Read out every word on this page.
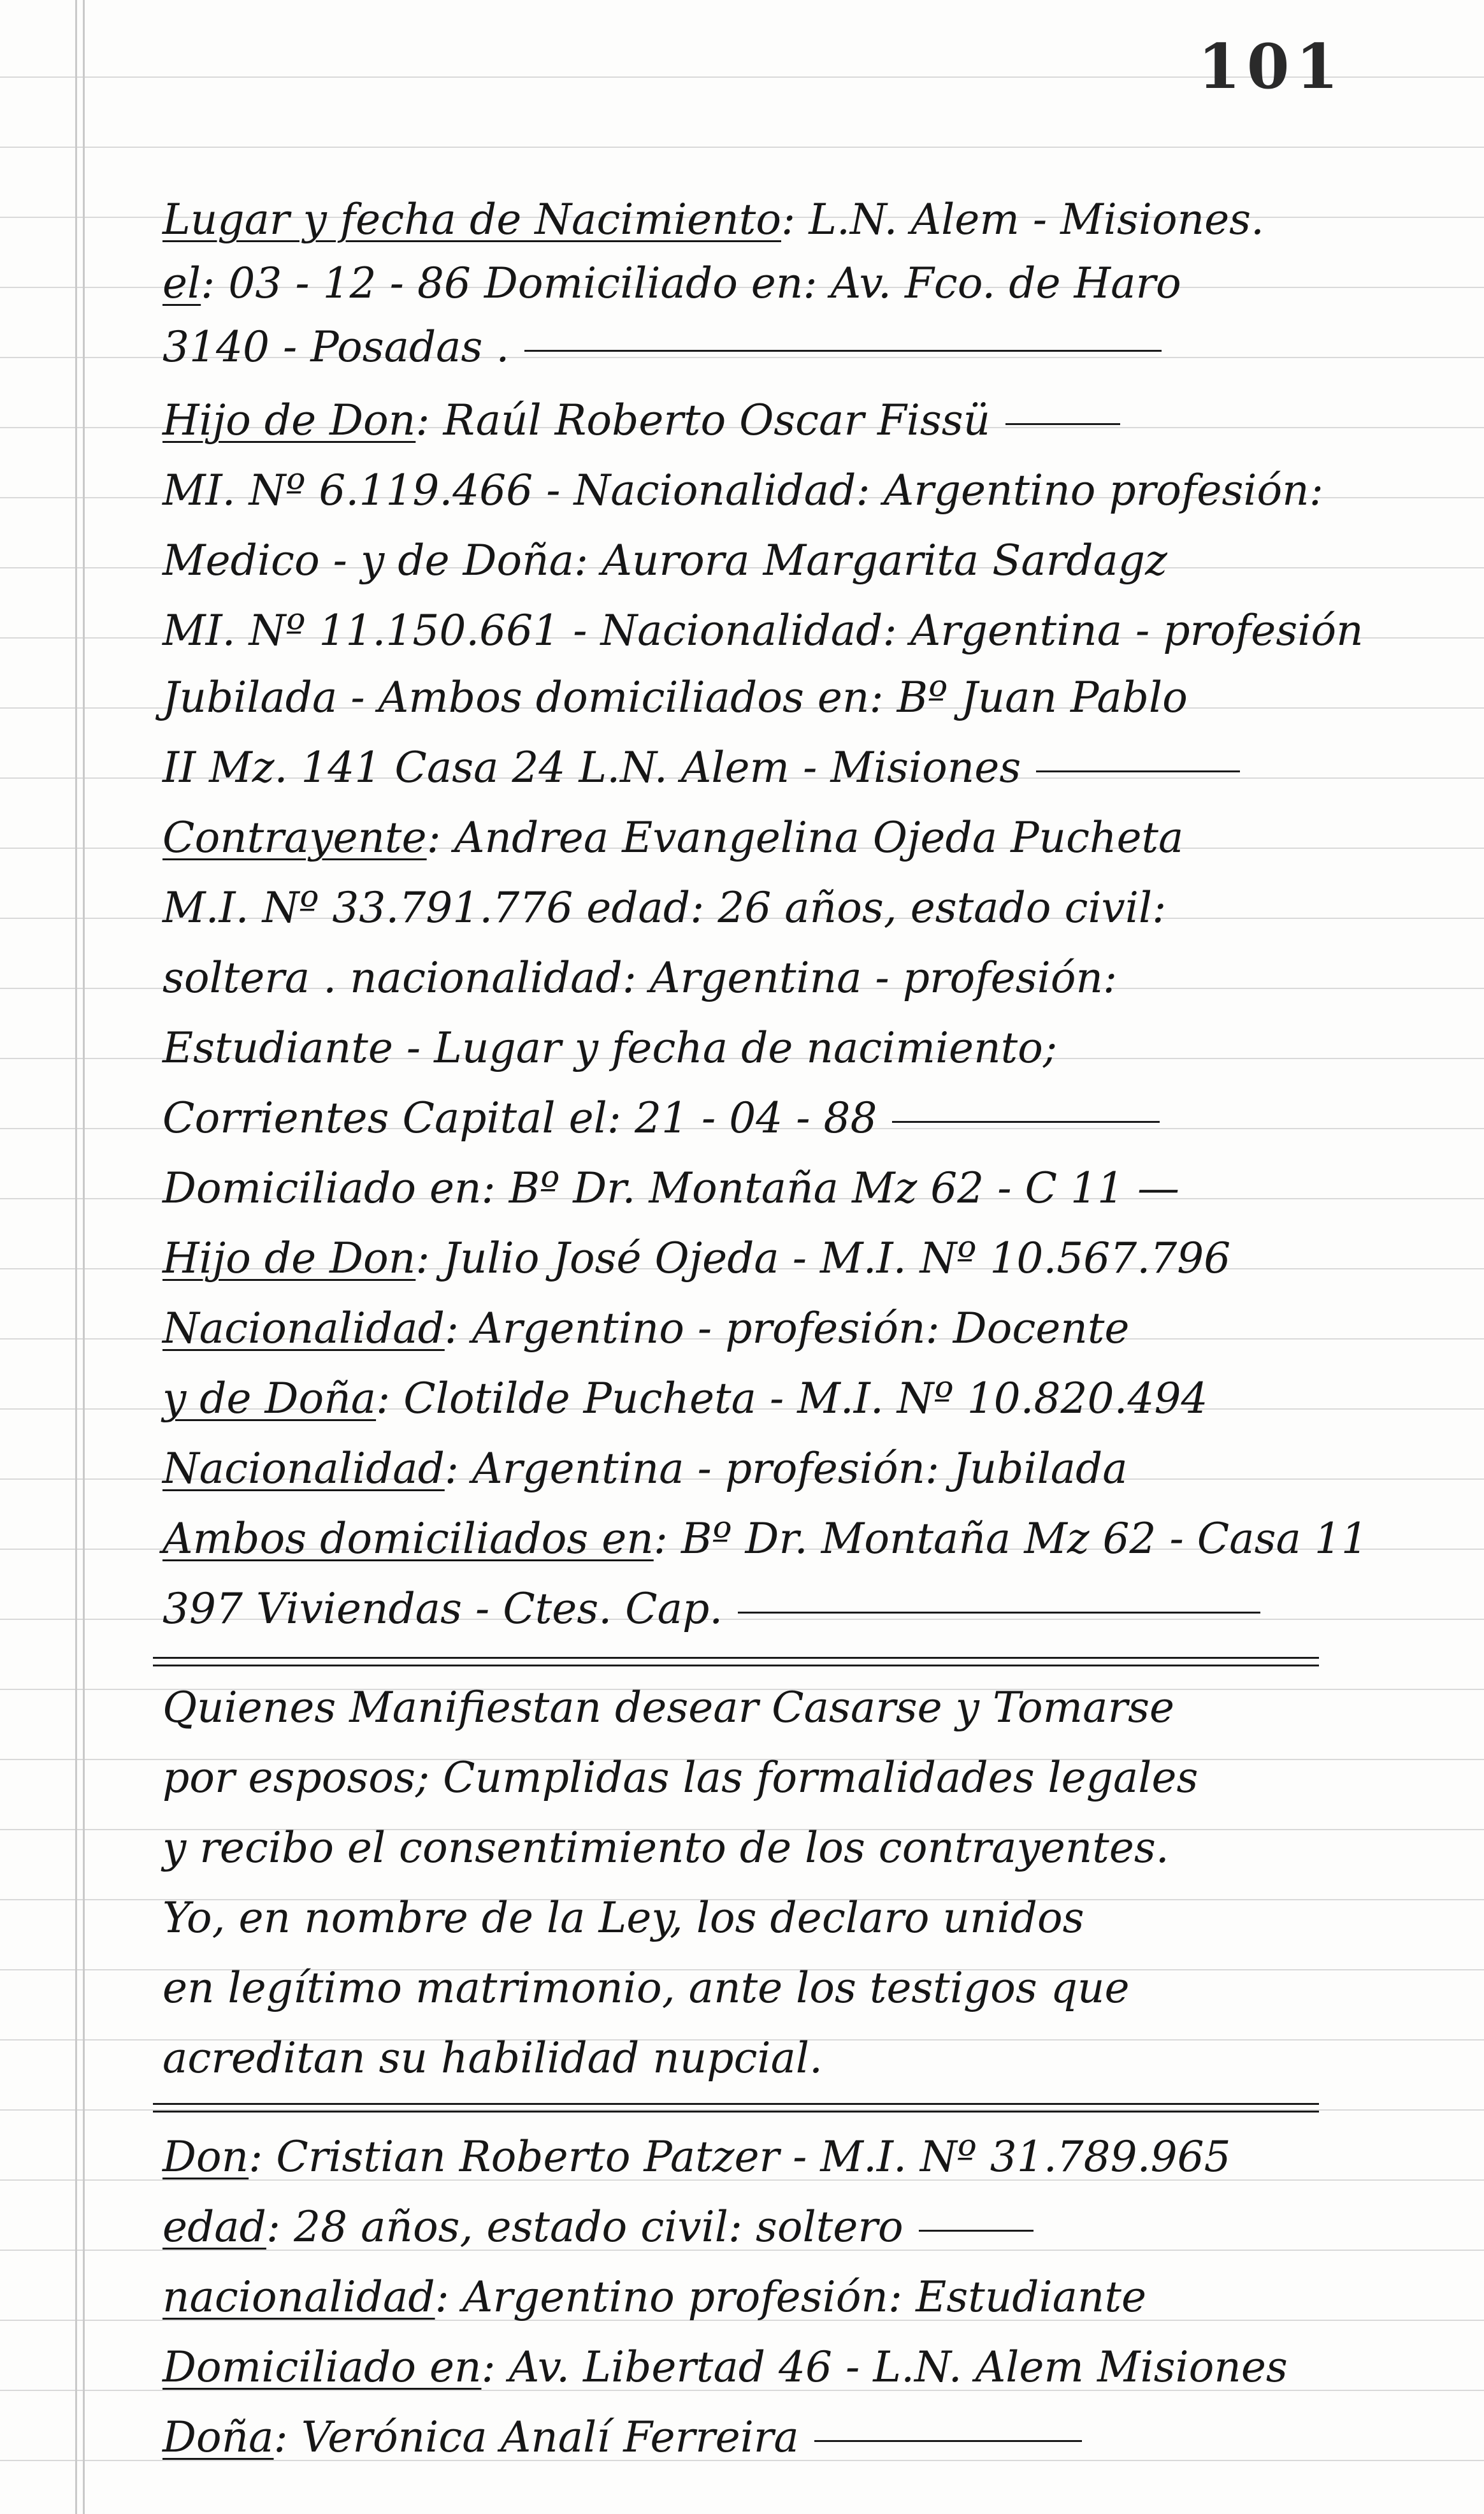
101
Lugar y fecha de Nacimiento: L.N. Alem - Misiones.
el: 03 - 12 - 86 Domiciliado en: Av. Fco. de Haro
3140 - Posadas .
Hijo de Don: Raúl Roberto Oscar Fissü
MI. Nº 6.119.466 - Nacionalidad: Argentino profesión:
Medico - y de Doña: Aurora Margarita Sardagz
MI. Nº 11.150.661 - Nacionalidad: Argentina - profesión
Jubilada - Ambos domiciliados en: Bº Juan Pablo
II Mz. 141 Casa 24 L.N. Alem - Misiones
Contrayente: Andrea Evangelina Ojeda Pucheta
M.I. Nº 33.791.776 edad: 26 años, estado civil:
soltera . nacionalidad: Argentina - profesión:
Estudiante - Lugar y fecha de nacimiento;
Corrientes Capital el: 21 - 04 - 88
Domiciliado en: Bº Dr. Montaña Mz 62 - C 11 —
Hijo de Don: Julio José Ojeda - M.I. Nº 10.567.796
Nacionalidad: Argentino - profesión: Docente
y de Doña: Clotilde Pucheta - M.I. Nº 10.820.494
Nacionalidad: Argentina - profesión: Jubilada
Ambos domiciliados en: Bº Dr. Montaña Mz 62 - Casa 11
397 Viviendas - Ctes. Cap.
Quienes Manifiestan desear Casarse y Tomarse
por esposos; Cumplidas las formalidades legales
y recibo el consentimiento de los contrayentes.
Yo, en nombre de la Ley, los declaro unidos
en legítimo matrimonio, ante los testigos que
acreditan su habilidad nupcial.
Don: Cristian Roberto Patzer - M.I. Nº 31.789.965
edad: 28 años, estado civil: soltero
nacionalidad: Argentino profesión: Estudiante
Domiciliado en: Av. Libertad 46 - L.N. Alem Misiones
Doña: Verónica Analí Ferreira
